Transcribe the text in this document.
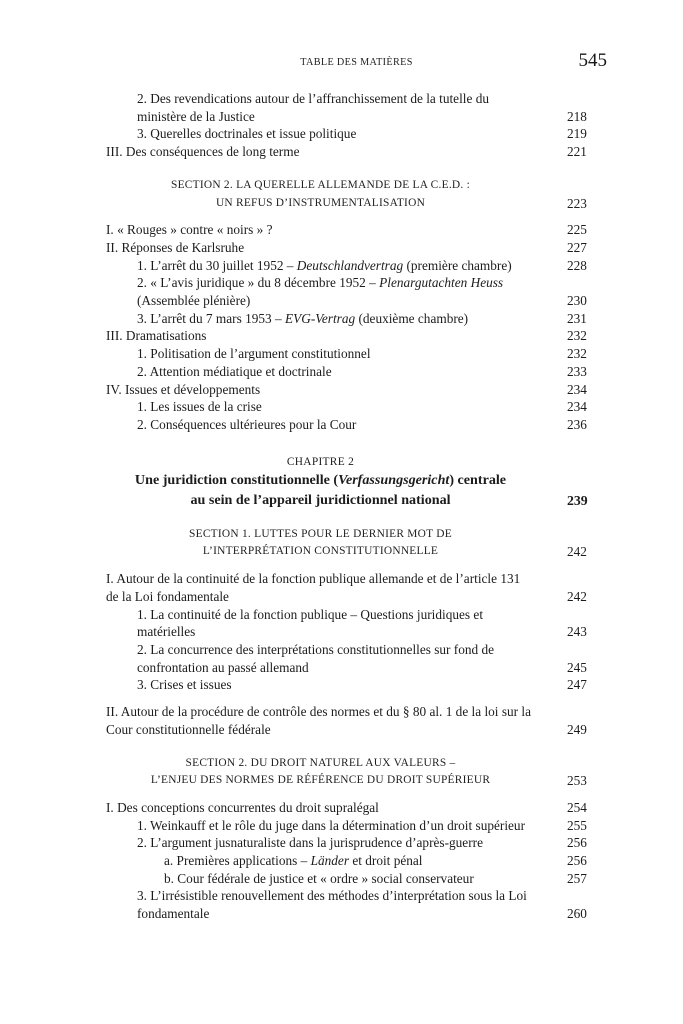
TABLE DES MATIÈRES	545
2. Des revendications autour de l’affranchissement de la tutelle du ministère de la Justice	218
3. Querelles doctrinales et issue politique	219
III. Des conséquences de long terme	221
SECTION 2. LA QUERELLE ALLEMANDE DE LA C.E.D. :
UN REFUS D’INSTRUMENTALISATION	223
I. « Rouges » contre « noirs » ?	225
II. Réponses de Karlsruhe	227
1. L’arrêt du 30 juillet 1952 – Deutschlandvertrag (première chambre)	228
2. « L’avis juridique » du 8 décembre 1952 – Plenargutachten Heuss (Assemblée plénière)	230
3. L’arrêt du 7 mars 1953 – EVG-Vertrag (deuxième chambre)	231
III. Dramatisations	232
1. Politisation de l’argument constitutionnel	232
2. Attention médiatique et doctrinale	233
IV. Issues et développements	234
1. Les issues de la crise	234
2. Conséquences ultérieures pour la Cour	236
CHAPITRE 2
Une juridiction constitutionnelle (Verfassungsgericht) centrale
au sein de l’appareil juridictionnel national	239
SECTION 1. LUTTES POUR LE DERNIER MOT DE
L’INTERPRÉTATION CONSTITUTIONNELLE	242
I. Autour de la continuité de la fonction publique allemande et de l’article 131 de la Loi fondamentale	242
1. La continuité de la fonction publique – Questions juridiques et matérielles	243
2. La concurrence des interprétations constitutionnelles sur fond de confrontation au passé allemand	245
3. Crises et issues	247
II. Autour de la procédure de contrôle des normes et du § 80 al. 1 de la loi sur la Cour constitutionnelle fédérale	249
SECTION 2. DU DROIT NATUREL AUX VALEURS –
L’ENJEU DES NORMES DE RÉFÉRENCE DU DROIT SUPÉRIEUR	253
I. Des conceptions concurrentes du droit supralégal	254
1. Weinkauff et le rôle du juge dans la détermination d’un droit supérieur	255
2. L’argument jusnaturaliste dans la jurisprudence d’après-guerre	256
a. Premières applications – Länder et droit pénal	256
b. Cour fédérale de justice et « ordre » social conservateur	257
3. L’irrésistible renouvellement des méthodes d’interprétation sous la Loi fondamentale	260
